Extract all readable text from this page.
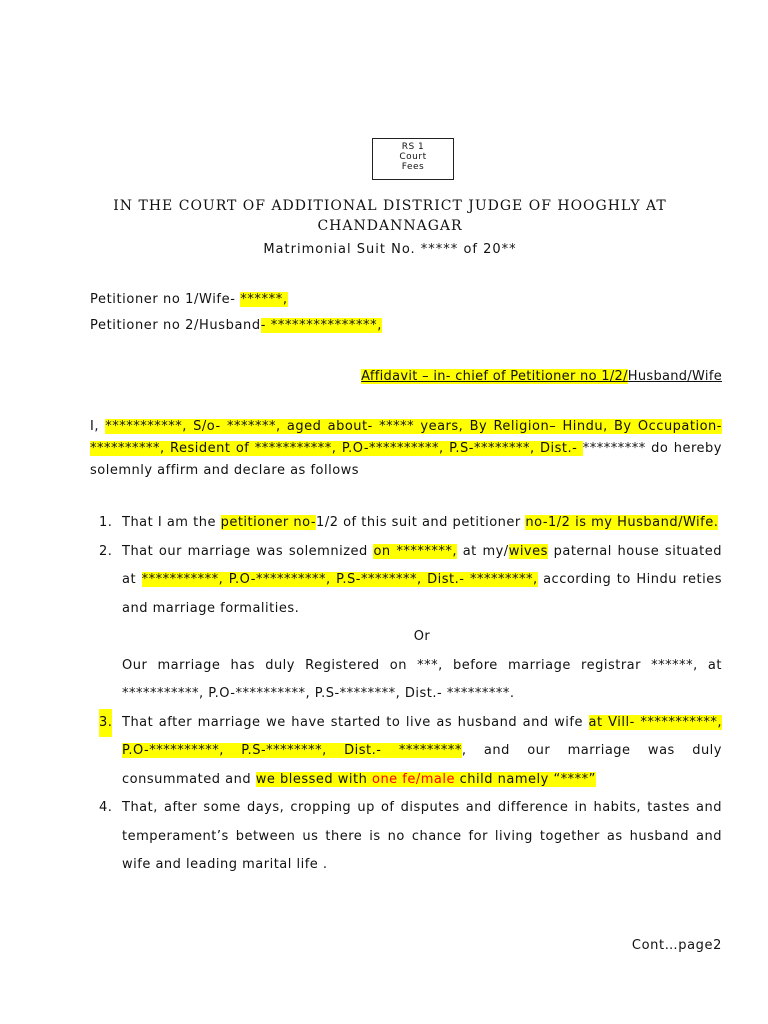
RS 1
Court
Fees
IN THE COURT OF ADDITIONAL DISTRICT JUDGE OF HOOGHLY AT
CHANDANNAGAR
Matrimonial Suit No. ***** of 20**
Petitioner no 1/Wife- ******,
Petitioner no 2/Husband- ***************,
Affidavit – in- chief of Petitioner no 1/2/Husband/Wife
I, ***********, S/o- *******, aged about- ***** years, By Religion– Hindu, By Occupation- **********, Resident of ***********, P.O-**********, P.S-********, Dist.- ********* do hereby solemnly affirm and declare as follows
1. That I am the petitioner no-1/2 of this suit and petitioner no-1/2 is my Husband/Wife.
2. That our marriage was solemnized on ********, at my/wives paternal house situated at ***********, P.O-**********, P.S-********, Dist.- *********, according to Hindu reties and marriage formalities.
Or
Our marriage has duly Registered on ***, before marriage registrar ******, at ***********, P.O-**********, P.S-********, Dist.- *********.
3. That after marriage we have started to live as husband and wife at Vill- ***********, P.O-**********, P.S-********, Dist.- *********, and our marriage was duly consummated and we blessed with one fe/male child namely “****”
4. That, after some days, cropping up of disputes and difference in habits, tastes and temperament’s between us there is no chance for living together as husband and wife and leading marital life .
Cont…page2
